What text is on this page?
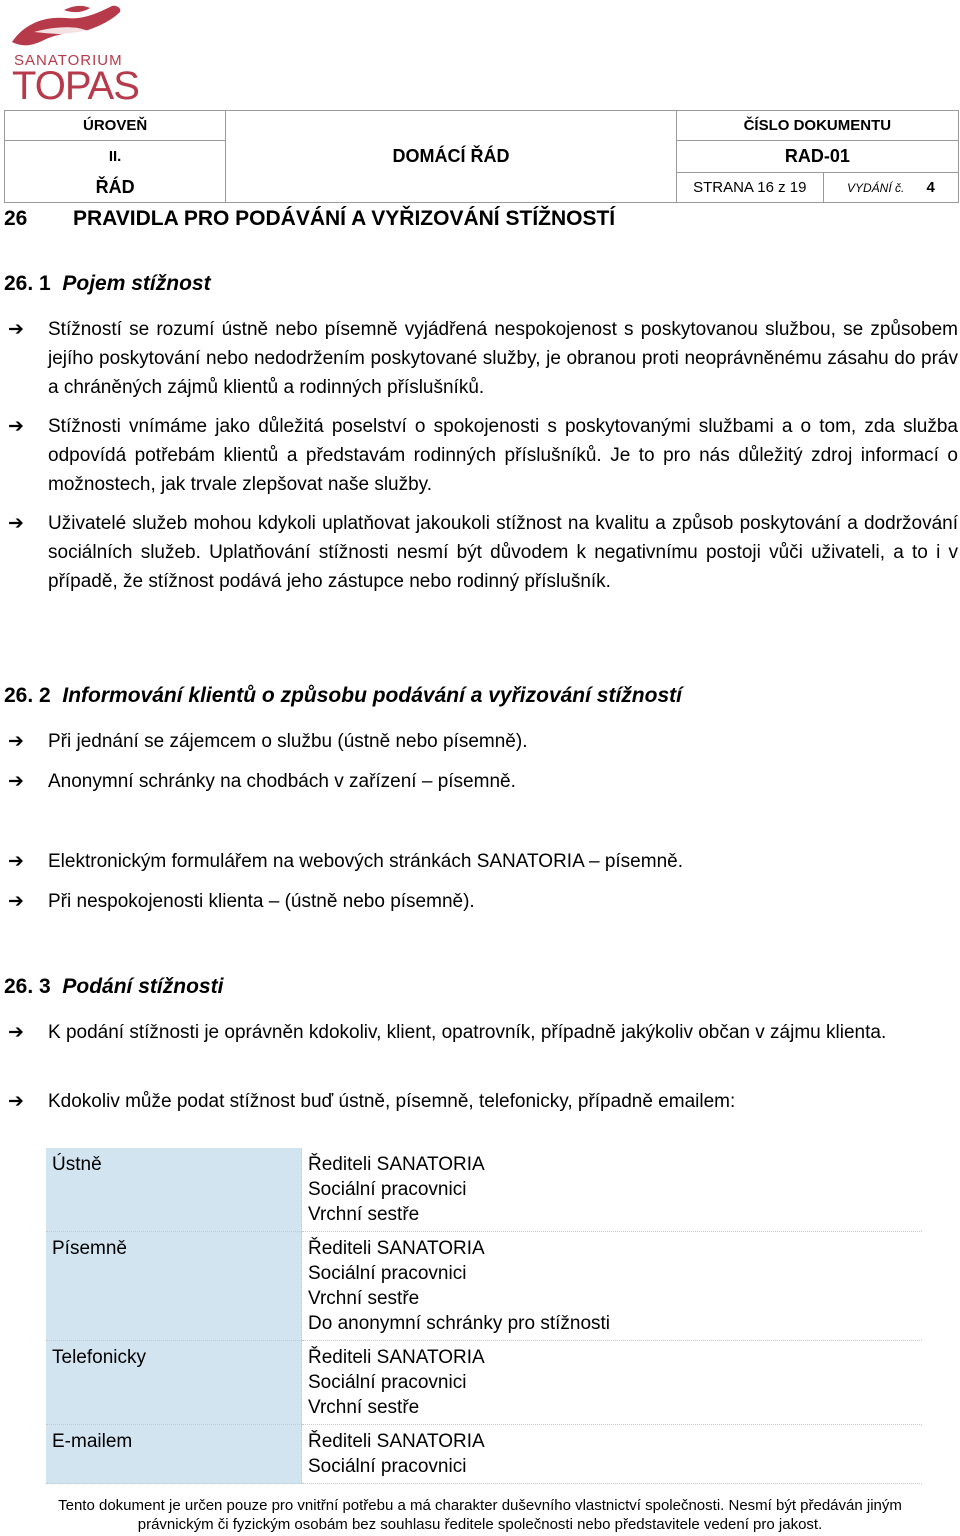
SANATORIUM
TOPAS
ÚROVEŇ	DOMÁCÍ ŘÁD	ČÍSLO DOKUMENTU	
II.		RAD-01	
ŘÁD		STRANA 16 z 19	VYDÁNÍ č. 4
26 PRAVIDLA PRO PODÁVÁNÍ A VYŘIZOVÁNÍ STÍŽNOSTÍ
26. 1 Pojem stížnost
➔ Stížností se rozumí ústně nebo písemně vyjádřená nespokojenost s poskytovanou službou, se způsobem jejího poskytování nebo nedodržením poskytované služby, je obranou proti neoprávněnému zásahu do práv a chráněných zájmů klientů a rodinných příslušníků.
➔ Stížnosti vnímáme jako důležitá poselství o spokojenosti s poskytovanými službami a o tom, zda služba odpovídá potřebám klientů a představám rodinných příslušníků. Je to pro nás důležitý zdroj informací o možnostech, jak trvale zlepšovat naše služby.
➔ Uživatelé služeb mohou kdykoli uplatňovat jakoukoli stížnost na kvalitu a způsob poskytování a dodržování sociálních služeb. Uplatňování stížnosti nesmí být důvodem k negativnímu postoji vůči uživateli, a to i v případě, že stížnost podává jeho zástupce nebo rodinný příslušník.
26. 2 Informování klientů o způsobu podávání a vyřizování stížností
➔ Při jednání se zájemcem o službu (ústně nebo písemně).
➔ Anonymní schránky na chodbách v zařízení – písemně.
➔ Elektronickým formulářem na webových stránkách SANATORIA – písemně.
➔ Při nespokojenosti klienta – (ústně nebo písemně).
26. 3 Podání stížnosti
➔ K podání stížnosti je oprávněn kdokoliv, klient, opatrovník, případně jakýkoliv občan v zájmu klienta.
➔ Kdokoliv může podat stížnost buď ústně, písemně, telefonicky, případně emailem:
Ústně	Řediteli SANATORIA
Sociální pracovnici
Vrchní sestře

Písemně	Řediteli SANATORIA
Sociální pracovnici
Vrchní sestře
Do anonymní schránky pro stížnosti

Telefonicky	Řediteli SANATORIA
Sociální pracovnici
Vrchní sestře

E-mailem	Řediteli SANATORIA
Sociální pracovnici
Tento dokument je určen pouze pro vnitřní potřebu a má charakter duševního vlastnictví společnosti. Nesmí být předáván jiným
právnickým či fyzickým osobám bez souhlasu ředitele společnosti nebo představitele vedení pro jakost.
